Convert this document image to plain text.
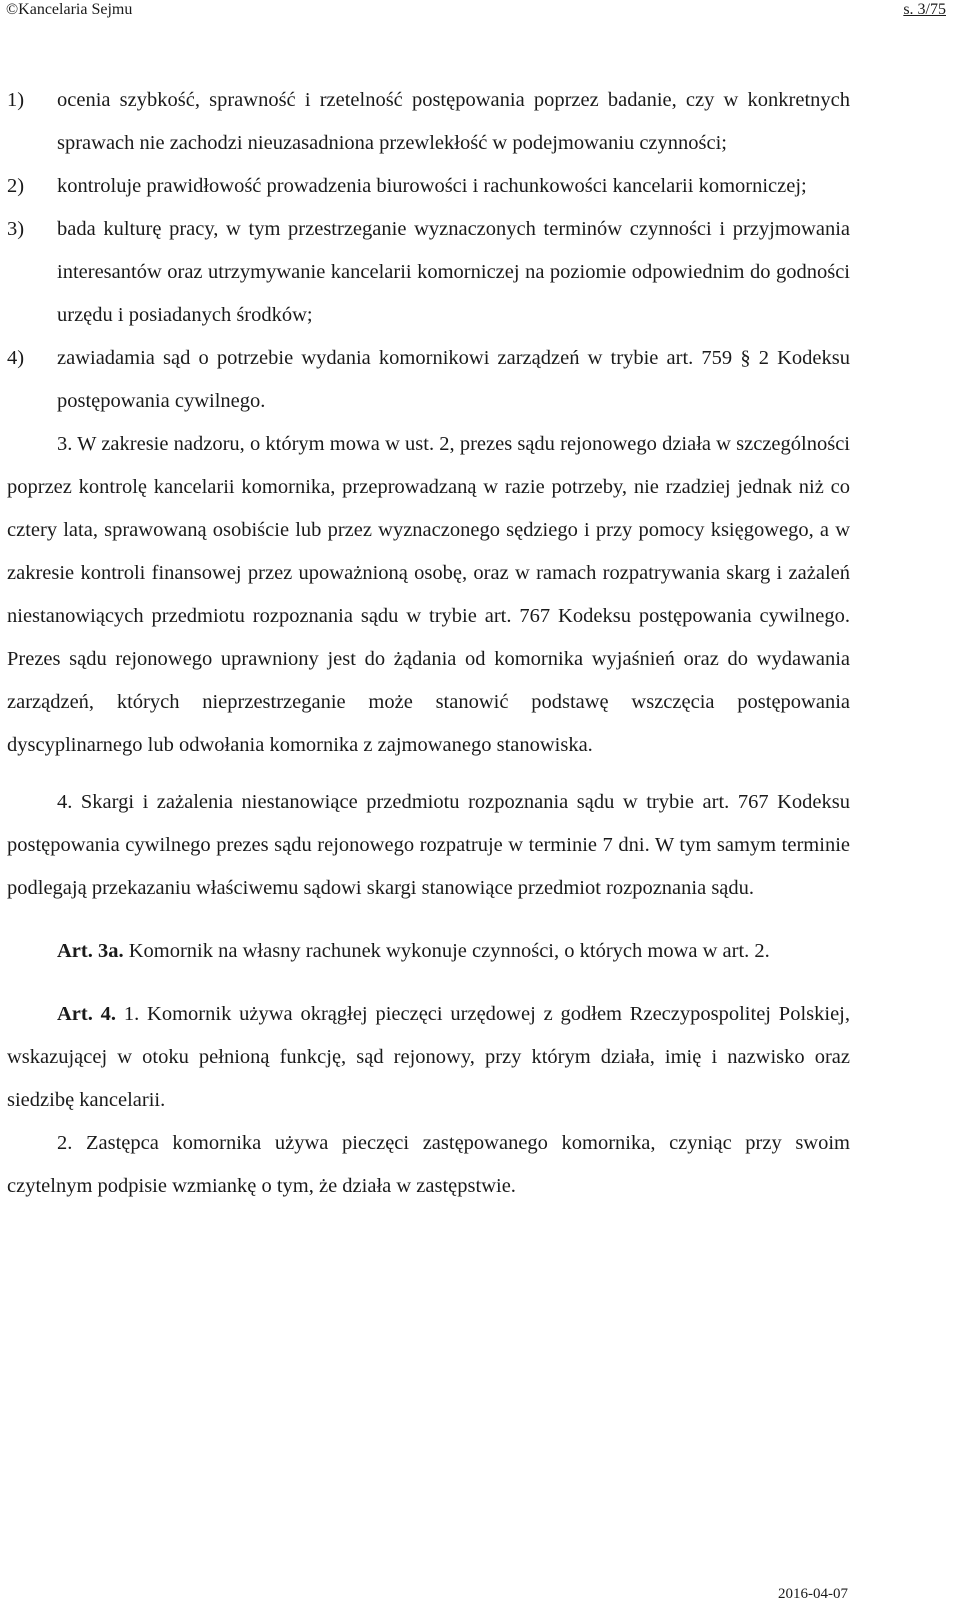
©Kancelaria Sejmu	s. 3/75
1)	ocenia szybkość, sprawność i rzetelność postępowania poprzez badanie, czy w konkretnych sprawach nie zachodzi nieuzasadniona przewlekłość w podejmowaniu czynności;
2)	kontroluje prawidłowość prowadzenia biurowości i rachunkowości kancelarii komorniczej;
3)	bada kulturę pracy, w tym przestrzeganie wyznaczonych terminów czynności i przyjmowania interesantów oraz utrzymywanie kancelarii komorniczej na poziomie odpowiednim do godności urzędu i posiadanych środków;
4)	zawiadamia sąd o potrzebie wydania komornikowi zarządzeń w trybie art. 759 § 2 Kodeksu postępowania cywilnego.

3. W zakresie nadzoru, o którym mowa w ust. 2, prezes sądu rejonowego działa w szczególności poprzez kontrolę kancelarii komornika, przeprowadzaną w razie potrzeby, nie rzadziej jednak niż co cztery lata, sprawowaną osobiście lub przez wyznaczonego sędziego i przy pomocy księgowego, a w zakresie kontroli finansowej przez upoważnioną osobę, oraz w ramach rozpatrywania skarg i zażaleń niestanowiących przedmiotu rozpoznania sądu w trybie art. 767 Kodeksu postępowania cywilnego. Prezes sądu rejonowego uprawniony jest do żądania od komornika wyjaśnień oraz do wydawania zarządzeń, których nieprzestrzeganie może stanowić podstawę wszczęcia postępowania dyscyplinarnego lub odwołania komornika z zajmowanego stanowiska.

4. Skargi i zażalenia niestanowiące przedmiotu rozpoznania sądu w trybie art. 767 Kodeksu postępowania cywilnego prezes sądu rejonowego rozpatruje w terminie 7 dni. W tym samym terminie podlegają przekazaniu właściwemu sądowi skargi stanowiące przedmiot rozpoznania sądu.

Art. 3a. Komornik na własny rachunek wykonuje czynności, o których mowa w art. 2.

Art. 4. 1. Komornik używa okrągłej pieczęci urzędowej z godłem Rzeczypospolitej Polskiej, wskazującej w otoku pełnioną funkcję, sąd rejonowy, przy którym działa, imię i nazwisko oraz siedzibę kancelarii.

2. Zastępca komornika używa pieczęci zastępowanego komornika, czyniąc przy swoim czytelnym podpisie wzmiankę o tym, że działa w zastępstwie.

2016-04-07
